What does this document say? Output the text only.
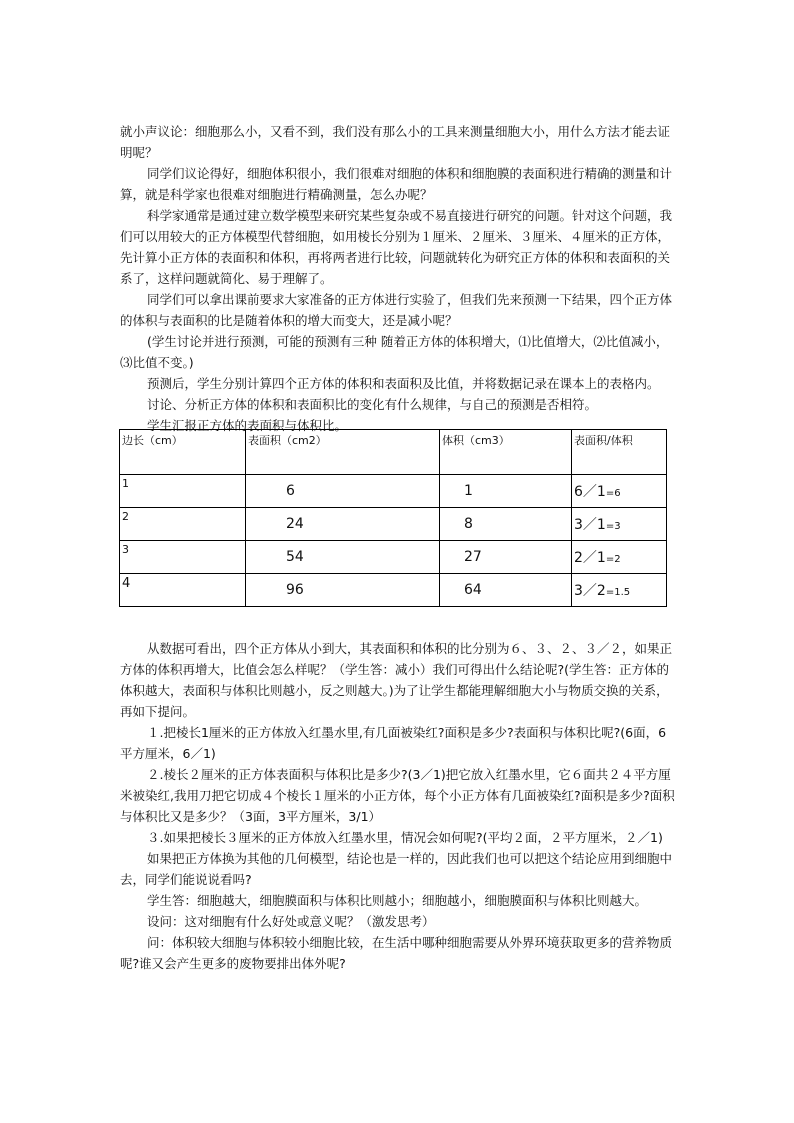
就小声议论：细胞那么小，又看不到，我们没有那么小的工具来测量细胞大小，用什么方法才能去证明呢？

同学们议论得好，细胞体积很小，我们很难对细胞的体积和细胞膜的表面积进行精确的测量和计算，就是科学家也很难对细胞进行精确测量，怎么办呢？

科学家通常是通过建立数学模型来研究某些复杂或不易直接进行研究的问题。针对这个问题，我们可以用较大的正方体模型代替细胞，如用棱长分别为１厘米、２厘米、３厘米、４厘米的正方体，先计算小正方体的表面积和体积，再将两者进行比较，问题就转化为研究正方体的体积和表面积的关系了，这样问题就简化、易于理解了。

同学们可以拿出课前要求大家准备的正方体进行实验了，但我们先来预测一下结果，四个正方体的体积与表面积的比是随着体积的增大而变大，还是减小呢？

(学生讨论并进行预测，可能的预测有三种 随着正方体的体积增大，⑴比值增大，⑵比值减小，⑶比值不变。)

预测后，学生分别计算四个正方体的体积和表面积及比值，并将数据记录在课本上的表格内。

讨论、分析正方体的体积和表面积比的变化有什么规律，与自己的预测是否相符。

学生汇报正方体的表面积与体积比。

边长（cm）	表面积（cm2）	体积（cm3）	表面积/体积
1	6	1	6／1=6
2	24	8	3／1=3
3	54	27	2／1=2
4	96	64	3／2=1.5

从数据可看出，四个正方体从小到大，其表面积和体积的比分别为６、３、２、３／２，如果正方体的体积再增大，比值会怎么样呢？（学生答：减小）我们可得出什么结论呢?(学生答：正方体的体积越大，表面积与体积比则越小，反之则越大。)为了让学生都能理解细胞大小与物质交换的关系，再如下提问。

１.把棱长1厘米的正方体放入红墨水里,有几面被染红?面积是多少?表面积与体积比呢?(6面，6平方厘米，6／1)

２.棱长２厘米的正方体表面积与体积比是多少?(3／1)把它放入红墨水里，它６面共２４平方厘米被染红,我用刀把它切成４个棱长１厘米的小正方体，每个小正方体有几面被染红?面积是多少?面积与体积比又是多少？（3面，3平方厘米，3/1）

３.如果把棱长３厘米的正方体放入红墨水里，情况会如何呢?(平均２面，２平方厘米，２／1)

如果把正方体换为其他的几何模型，结论也是一样的，因此我们也可以把这个结论应用到细胞中去，同学们能说说看吗?

学生答：细胞越大，细胞膜面积与体积比则越小；细胞越小，细胞膜面积与体积比则越大。

设问：这对细胞有什么好处或意义呢？（激发思考）

问：体积较大细胞与体积较小细胞比较，在生活中哪种细胞需要从外界环境获取更多的营养物质呢?谁又会产生更多的废物要排出体外呢?
